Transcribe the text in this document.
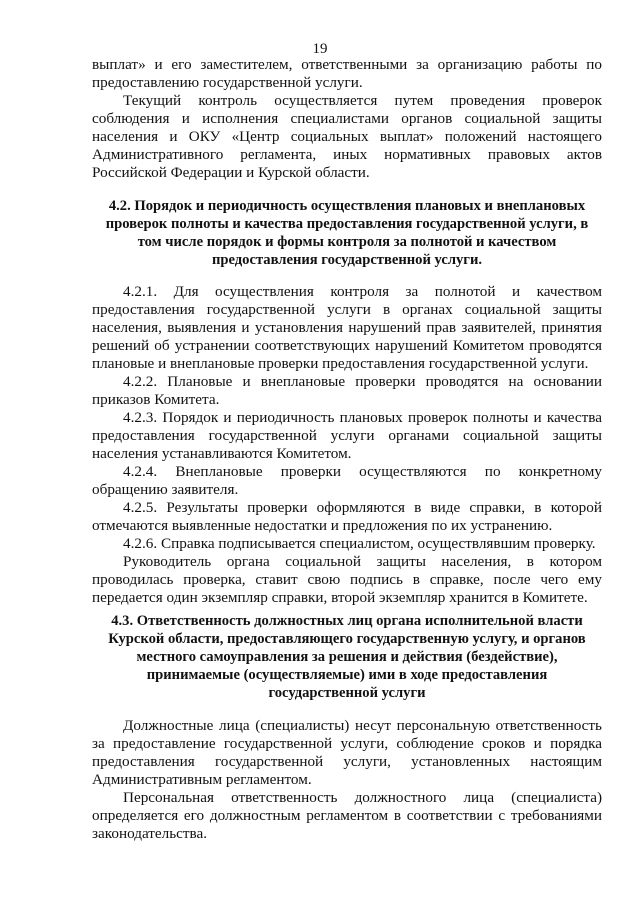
19

выплат» и его заместителем, ответственными за организацию работы по предоставлению государственной услуги.

Текущий контроль осуществляется путем проведения проверок соблюдения и исполнения специалистами органов социальной защиты населения и ОКУ «Центр социальных выплат» положений настоящего Административного регламента, иных нормативных правовых актов Российской Федерации и Курской области.

4.2. Порядок и периодичность осуществления плановых и внеплановых проверок полноты и качества предоставления государственной услуги, в том числе порядок и формы контроля за полнотой и качеством предоставления государственной услуги.

4.2.1. Для осуществления контроля за полнотой и качеством предоставления государственной услуги в органах социальной защиты населения, выявления и установления нарушений прав заявителей, принятия решений об устранении соответствующих нарушений Комитетом проводятся плановые и внеплановые проверки предоставления государственной услуги.

4.2.2. Плановые и внеплановые проверки проводятся на основании приказов Комитета.

4.2.3. Порядок и периодичность плановых проверок полноты и качества предоставления государственной услуги органами социальной защиты населения устанавливаются Комитетом.

4.2.4. Внеплановые проверки осуществляются по конкретному обращению заявителя.

4.2.5. Результаты проверки оформляются в виде справки, в которой отмечаются выявленные недостатки и предложения по их устранению.

4.2.6. Справка подписывается специалистом, осуществлявшим проверку.

Руководитель органа социальной защиты населения, в котором проводилась проверка, ставит свою подпись в справке, после чего ему передается один экземпляр справки, второй экземпляр хранится в Комитете.

4.3. Ответственность должностных лиц органа исполнительной власти Курской области, предоставляющего государственную услугу, и органов местного самоуправления за решения и действия (бездействие), принимаемые (осуществляемые) ими в ходе предоставления государственной услуги

Должностные лица (специалисты) несут персональную ответственность за предоставление государственной услуги, соблюдение сроков и порядка предоставления государственной услуги, установленных настоящим Административным регламентом.

Персональная ответственность должностного лица (специалиста) определяется его должностным регламентом в соответствии с требованиями законодательства.
